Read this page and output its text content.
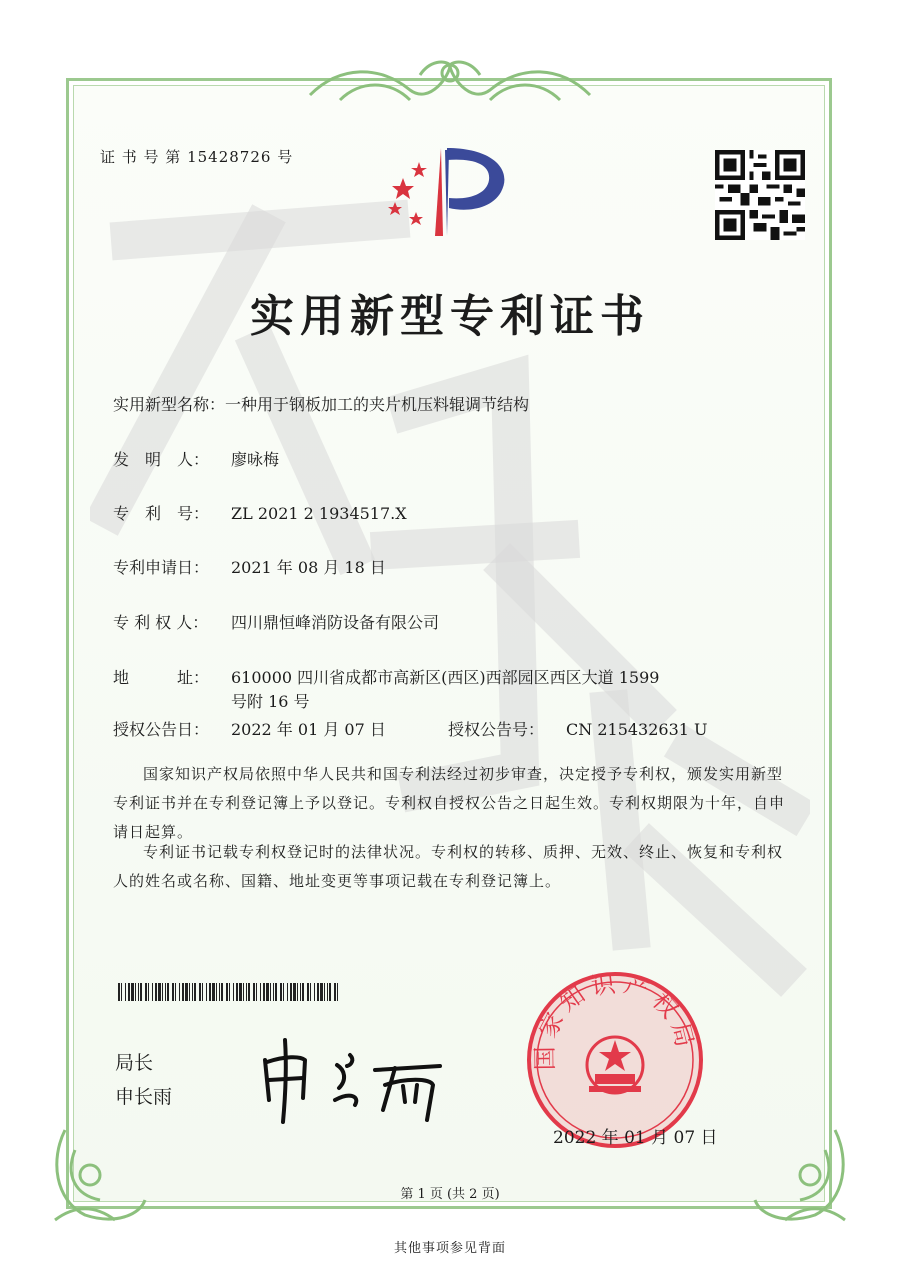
证 书 号 第 15428726 号
实用新型专利证书
实用新型名称：一种用于钢板加工的夹片机压料辊调节结构
发　明　人： 廖咏梅
专　利　号： ZL 2021 2 1934517.X
专利申请日： 2021 年 08 月 18 日
专 利 权 人： 四川鼎恒峰消防设备有限公司
地　　　址： 610000 四川省成都市高新区(西区)西部园区西区大道 1599 号附 16 号
授权公告日： 2022 年 01 月 07 日	授权公告号： CN 215432631 U
国家知识产权局依照中华人民共和国专利法经过初步审查，决定授予专利权，颁发实用新型专利证书并在专利登记簿上予以登记。专利权自授权公告之日起生效。专利权期限为十年，自申请日起算。
专利证书记载专利权登记时的法律状况。专利权的转移、质押、无效、终止、恢复和专利权人的姓名或名称、国籍、地址变更等事项记载在专利登记簿上。
局长
申长雨
国家知识产权局
2022 年 01 月 07 日
第 1 页 (共 2 页)
其他事项参见背面
